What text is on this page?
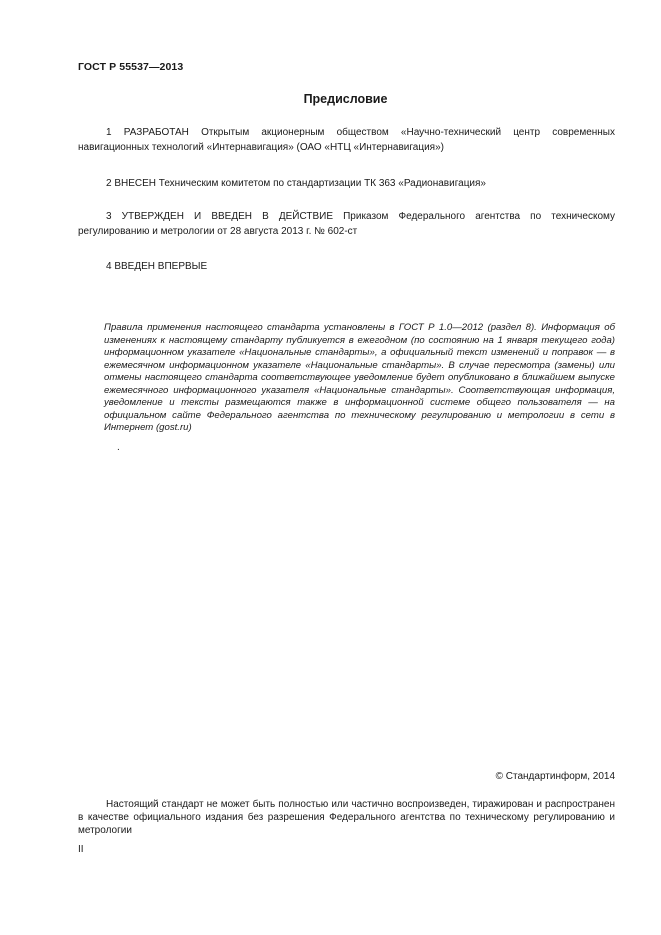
ГОСТ Р 55537—2013
Предисловие
1 РАЗРАБОТАН Открытым акционерным обществом «Научно-технический центр современных навигационных технологий «Интернавигация» (ОАО «НТЦ «Интернавигация»)
2 ВНЕСЕН Техническим комитетом по стандартизации ТК 363 «Радионавигация»
3 УТВЕРЖДЕН И ВВЕДЕН В ДЕЙСТВИЕ Приказом Федерального агентства по техническому регулированию и метрологии от 28 августа 2013 г. № 602-ст
4 ВВЕДЕН ВПЕРВЫЕ
Правила применения настоящего стандарта установлены в ГОСТ Р 1.0—2012 (раздел 8). Информация об изменениях к настоящему стандарту публикуется в ежегодном (по состоянию на 1 января текущего года) информационном указателе «Национальные стандарты», а официальный текст изменений и поправок — в ежемесячном информационном указателе «Национальные стандарты». В случае пересмотра (замены) или отмены настоящего стандарта соответствующее уведомление будет опубликовано в ближайшем выпуске ежемесячного информационного указателя «Национальные стандарты». Соответствующая информация, уведомление и тексты размещаются также в информационной системе общего пользователя — на официальном сайте Федерального агентства по техническому регулированию и метрологии в сети в Интернет (gost.ru)
.
© Стандартинформ, 2014
Настоящий стандарт не может быть полностью или частично воспроизведен, тиражирован и распространен в качестве официального издания без разрешения Федерального агентства по техническому регулированию и метрологии
II
